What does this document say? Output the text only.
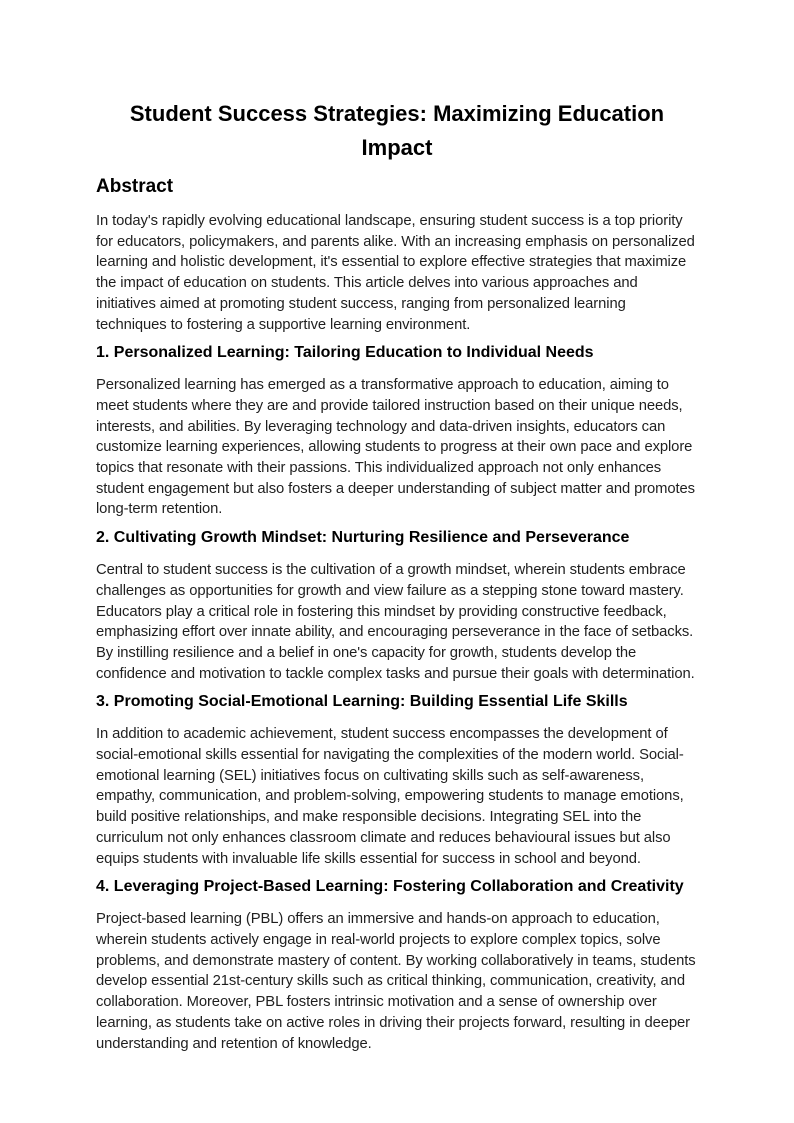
Student Success Strategies: Maximizing Education Impact
Abstract

In today's rapidly evolving educational landscape, ensuring student success is a top priority for educators, policymakers, and parents alike. With an increasing emphasis on personalized learning and holistic development, it's essential to explore effective strategies that maximize the impact of education on students. This article delves into various approaches and initiatives aimed at promoting student success, ranging from personalized learning techniques to fostering a supportive learning environment.

1. Personalized Learning: Tailoring Education to Individual Needs

Personalized learning has emerged as a transformative approach to education, aiming to meet students where they are and provide tailored instruction based on their unique needs, interests, and abilities. By leveraging technology and data-driven insights, educators can customize learning experiences, allowing students to progress at their own pace and explore topics that resonate with their passions. This individualized approach not only enhances student engagement but also fosters a deeper understanding of subject matter and promotes long-term retention.

2. Cultivating Growth Mindset: Nurturing Resilience and Perseverance

Central to student success is the cultivation of a growth mindset, wherein students embrace challenges as opportunities for growth and view failure as a stepping stone toward mastery. Educators play a critical role in fostering this mindset by providing constructive feedback, emphasizing effort over innate ability, and encouraging perseverance in the face of setbacks. By instilling resilience and a belief in one's capacity for growth, students develop the confidence and motivation to tackle complex tasks and pursue their goals with determination.

3. Promoting Social-Emotional Learning: Building Essential Life Skills

In addition to academic achievement, student success encompasses the development of social-emotional skills essential for navigating the complexities of the modern world. Social-emotional learning (SEL) initiatives focus on cultivating skills such as self-awareness, empathy, communication, and problem-solving, empowering students to manage emotions, build positive relationships, and make responsible decisions. Integrating SEL into the curriculum not only enhances classroom climate and reduces behavioural issues but also equips students with invaluable life skills essential for success in school and beyond.

4. Leveraging Project-Based Learning: Fostering Collaboration and Creativity

Project-based learning (PBL) offers an immersive and hands-on approach to education, wherein students actively engage in real-world projects to explore complex topics, solve problems, and demonstrate mastery of content. By working collaboratively in teams, students develop essential 21st-century skills such as critical thinking, communication, creativity, and collaboration. Moreover, PBL fosters intrinsic motivation and a sense of ownership over learning, as students take on active roles in driving their projects forward, resulting in deeper understanding and retention of knowledge.
